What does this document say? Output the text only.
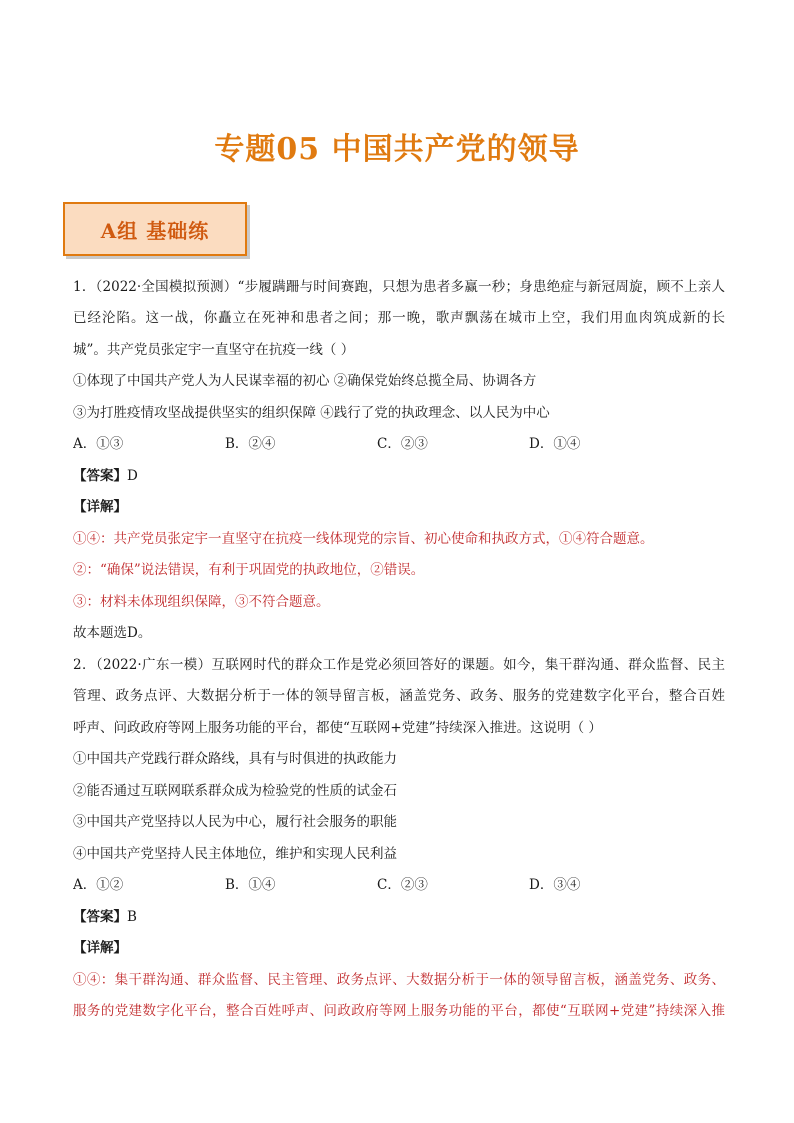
专题05 中国共产党的领导
A组 基础练
1．（2022·全国模拟预测）“步履蹒跚与时间赛跑，只想为患者多赢一秒；身患绝症与新冠周旋，顾不上亲人
已经沦陷。这一战，你矗立在死神和患者之间；那一晚，歌声飘荡在城市上空，我们用血肉筑成新的长
城”。共产党员张定宇一直坚守在抗疫一线（ ）
①体现了中国共产党人为人民谋幸福的初心 ②确保党始终总揽全局、协调各方
③为打胜疫情攻坚战提供坚实的组织保障 ④践行了党的执政理念、以人民为中心
A．①③	B．②④	C．②③	D．①④
【答案】D
【详解】
①④：共产党员张定宇一直坚守在抗疫一线体现党的宗旨、初心使命和执政方式，①④符合题意。
②：“确保”说法错误，有利于巩固党的执政地位，②错误。
③：材料未体现组织保障，③不符合题意。
故本题选D。
2．（2022·广东一模）互联网时代的群众工作是党必须回答好的课题。如今，集干群沟通、群众监督、民主
管理、政务点评、大数据分析于一体的领导留言板，涵盖党务、政务、服务的党建数字化平台，整合百姓
呼声、问政政府等网上服务功能的平台，都使“互联网+党建”持续深入推进。这说明（ ）
①中国共产党践行群众路线，具有与时俱进的执政能力
②能否通过互联网联系群众成为检验党的性质的试金石
③中国共产党坚持以人民为中心，履行社会服务的职能
④中国共产党坚持人民主体地位，维护和实现人民利益
A．①②	B．①④	C．②③	D．③④
【答案】B
【详解】
①④：集干群沟通、群众监督、民主管理、政务点评、大数据分析于一体的领导留言板，涵盖党务、政务、
服务的党建数字化平台，整合百姓呼声、问政政府等网上服务功能的平台，都使“互联网+党建”持续深入推
